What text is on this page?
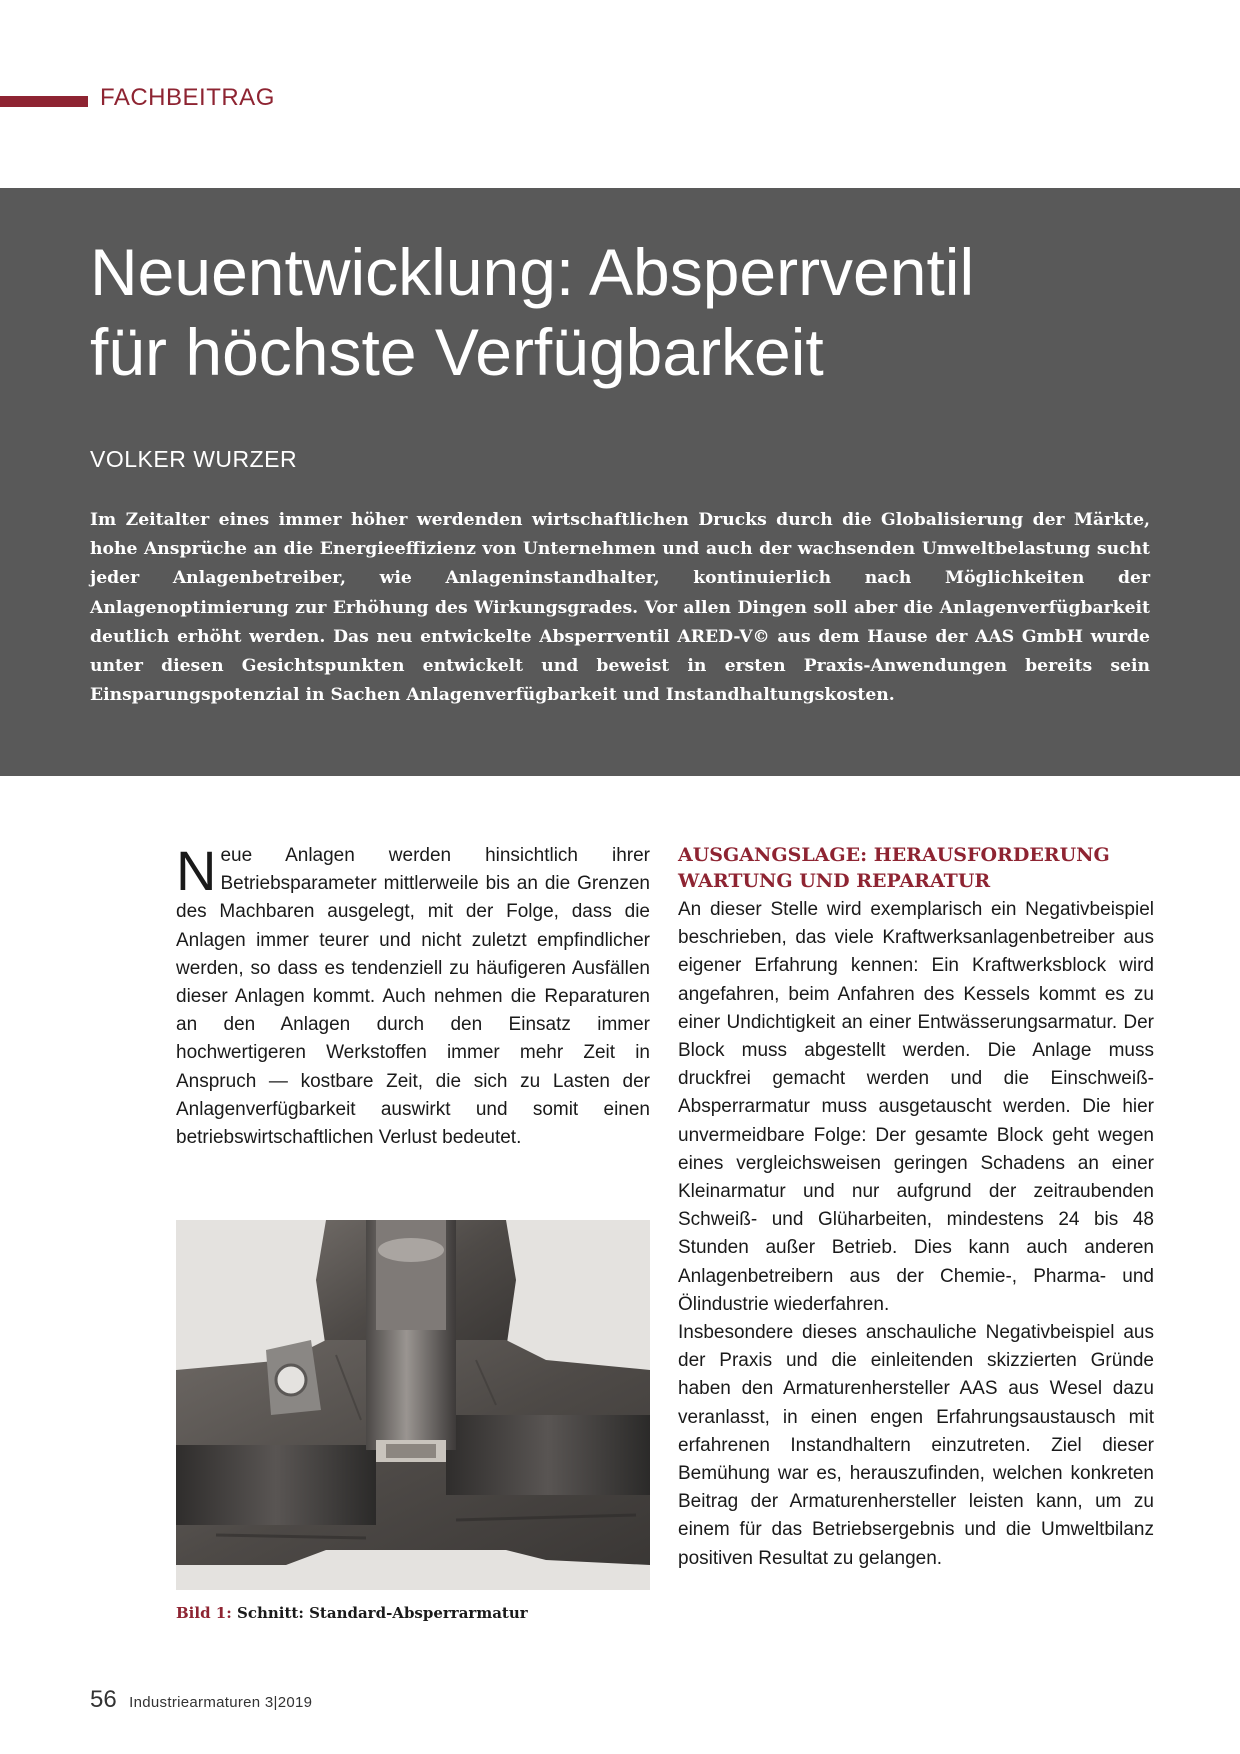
FACHBEITRAG
Neuentwicklung: Absperrventil
für höchste Verfügbarkeit
VOLKER WURZER

Im Zeitalter eines immer höher werdenden wirtschaftlichen Drucks durch die Globalisierung der Märkte, hohe Ansprüche an die Energieeffizienz von Unternehmen und auch der wachsenden Umweltbelastung sucht jeder Anlagenbetreiber, wie Anlageninstandhalter, kontinuierlich nach Möglichkeiten der Anlagenoptimierung zur Erhöhung des Wirkungsgrades. Vor allen Dingen soll aber die Anlagenverfügbarkeit deutlich erhöht werden. Das neu entwickelte Absperrventil ARED-V© aus dem Hause der AAS GmbH wurde unter diesen Gesichtspunkten entwickelt und beweist in ersten Praxis-Anwendungen bereits sein Einsparungspotenzial in Sachen Anlagenverfügbarkeit und Instandhaltungskosten.

N eue Anlagen werden hinsichtlich ihrer Betriebsparameter mittlerweile bis an die Grenzen des Machbaren ausgelegt, mit der Folge, dass die Anlagen immer teurer und nicht zuletzt empfindlicher werden, so dass es tendenziell zu häufigeren Ausfällen dieser Anlagen kommt. Auch nehmen die Reparaturen an den Anlagen durch den Einsatz immer hochwertigeren Werkstoffen immer mehr Zeit in Anspruch — kostbare Zeit, die sich zu Lasten der Anlagenverfügbarkeit auswirkt und somit einen betriebswirtschaftlichen Verlust bedeutet.
Bild 1: Schnitt: Standard-Absperrarmatur
AUSGANGSLAGE: HERAUSFORDERUNG
WARTUNG UND REPARATUR

An dieser Stelle wird exemplarisch ein Negativbeispiel beschrieben, das viele Kraftwerksanlagenbetreiber aus eigener Erfahrung kennen: Ein Kraftwerksblock wird angefahren, beim Anfahren des Kessels kommt es zu einer Undichtigkeit an einer Entwässerungsarmatur. Der Block muss abgestellt werden. Die Anlage muss druckfrei gemacht werden und die Einschweiß-Absperrarmatur muss ausgetauscht werden. Die hier unvermeidbare Folge: Der gesamte Block geht wegen eines vergleichsweisen geringen Schadens an einer Kleinarmatur und nur aufgrund der zeitraubenden Schweiß- und Glüharbeiten, mindestens 24 bis 48 Stunden außer Betrieb. Dies kann auch anderen Anlagenbetreibern aus der Chemie-, Pharma- und Ölindustrie wiederfahren.

Insbesondere dieses anschauliche Negativbeispiel aus der Praxis und die einleitenden skizzierten Gründe haben den Armaturenhersteller AAS aus Wesel dazu veranlasst, in einen engen Erfahrungsaustausch mit erfahrenen Instandhaltern einzutreten. Ziel dieser Bemühung war es, herauszufinden, welchen konkreten Beitrag der Armaturenhersteller leisten kann, um zu einem für das Betriebsergebnis und die Umweltbilanz positiven Resultat zu gelangen.

56 Industriearmaturen 3|2019
